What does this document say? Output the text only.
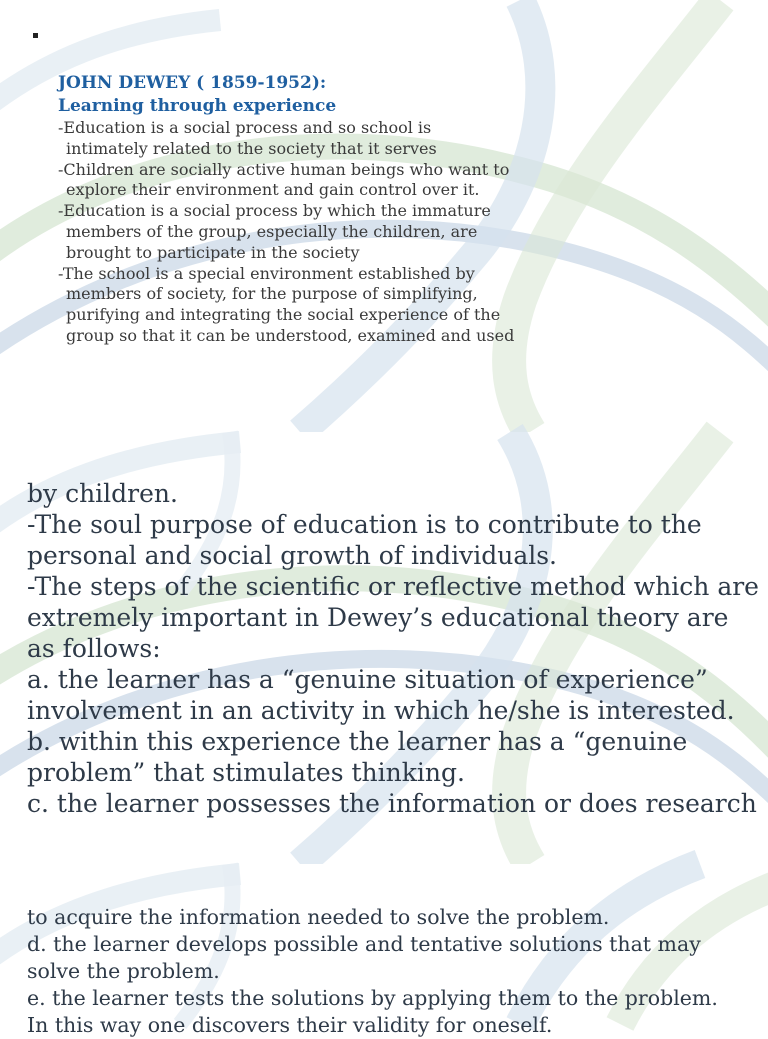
JOHN DEWEY ( 1859-1952):
Learning through experience
-Education is a social process and so school is
intimately related to the society that it serves
-Children are socially active human beings who want to
explore their environment and gain control over it.
-Education is a social process by which the immature
members of the group, especially the children, are
brought to participate in the society
-The school is a special environment established by
members of society, for the purpose of simplifying,
purifying and integrating the social experience of the
group so that it can be understood, examined and used
by children.
-The soul purpose of education is to contribute to the
personal and social growth of individuals.
-The steps of the scientific or reflective method which are
extremely important in Dewey’s educational theory are
as follows:
a. the learner has a “genuine situation of experience”
involvement in an activity in which he/she is interested.
b. within this experience the learner has a “genuine
problem” that stimulates thinking.
c. the learner possesses the information or does research
to acquire the information needed to solve the problem.
d. the learner develops possible and tentative solutions that may
solve the problem.
e. the learner tests the solutions by applying them to the problem.
In this way one discovers their validity for oneself.
